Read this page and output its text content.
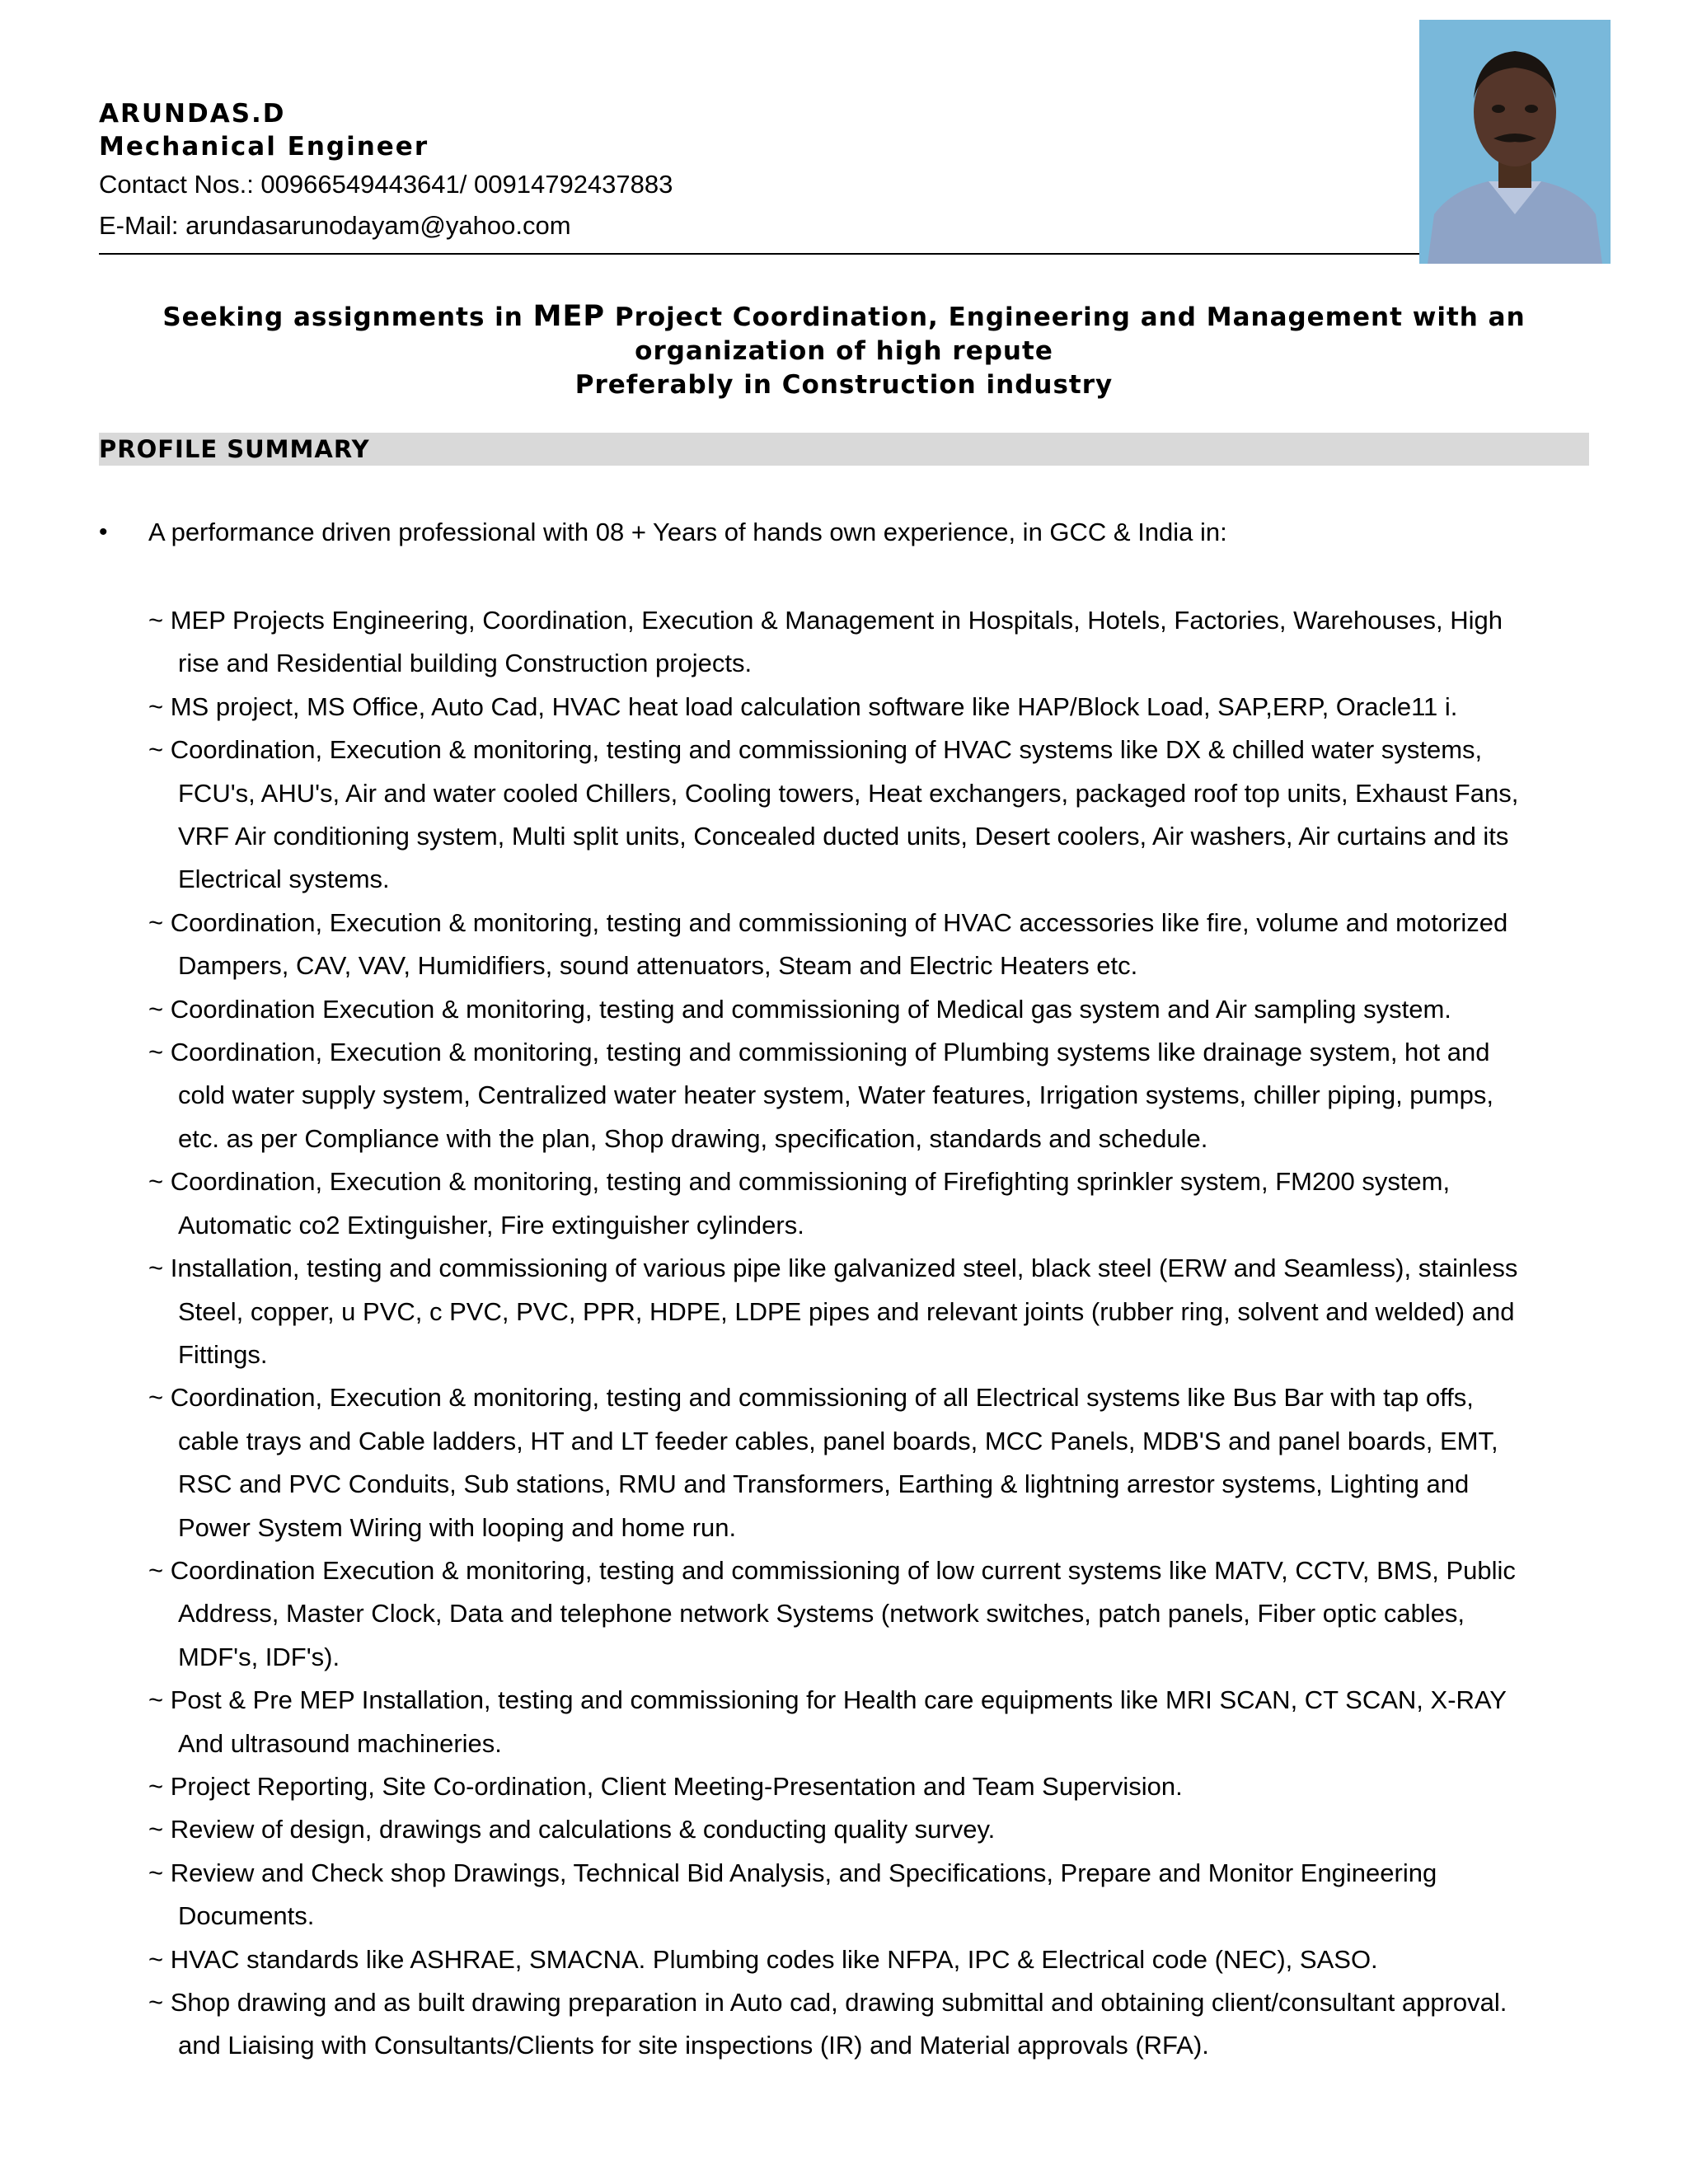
ARUNDAS.D
Mechanical Engineer
Contact Nos.: 00966549443641/ 00914792437883
E-Mail: arundasarunodayam@yahoo.com
Seeking assignments in MEP Project Coordination, Engineering and Management with an
organization of high repute
Preferably in Construction industry
PROFILE SUMMARY
• A performance driven professional with 08 + Years of hands own experience, in GCC & India in:
~ MEP Projects Engineering, Coordination, Execution & Management in Hospitals, Hotels, Factories, Warehouses, High
rise and Residential building Construction projects.
~ MS project, MS Office, Auto Cad, HVAC heat load calculation software like HAP/Block Load, SAP,ERP, Oracle11 i.
~ Coordination, Execution & monitoring, testing and commissioning of HVAC systems like DX & chilled water systems,
FCU's, AHU's, Air and water cooled Chillers, Cooling towers, Heat exchangers, packaged roof top units, Exhaust Fans,
VRF Air conditioning system, Multi split units, Concealed ducted units, Desert coolers, Air washers, Air curtains and its
Electrical systems.
~ Coordination, Execution & monitoring, testing and commissioning of HVAC accessories like fire, volume and motorized
Dampers, CAV, VAV, Humidifiers, sound attenuators, Steam and Electric Heaters etc.
~ Coordination Execution & monitoring, testing and commissioning of Medical gas system and Air sampling system.
~ Coordination, Execution & monitoring, testing and commissioning of Plumbing systems like drainage system, hot and
cold water supply system, Centralized water heater system, Water features, Irrigation systems, chiller piping, pumps,
etc. as per Compliance with the plan, Shop drawing, specification, standards and schedule.
~ Coordination, Execution & monitoring, testing and commissioning of Firefighting sprinkler system, FM200 system,
Automatic co2 Extinguisher, Fire extinguisher cylinders.
~ Installation, testing and commissioning of various pipe like galvanized steel, black steel (ERW and Seamless), stainless
Steel, copper, u PVC, c PVC, PVC, PPR, HDPE, LDPE pipes and relevant joints (rubber ring, solvent and welded) and
Fittings.
~ Coordination, Execution & monitoring, testing and commissioning of all Electrical systems like Bus Bar with tap offs,
cable trays and Cable ladders, HT and LT feeder cables, panel boards, MCC Panels, MDB'S and panel boards, EMT,
RSC and PVC Conduits, Sub stations, RMU and Transformers, Earthing & lightning arrestor systems, Lighting and
Power System Wiring with looping and home run.
~ Coordination Execution & monitoring, testing and commissioning of low current systems like MATV, CCTV, BMS, Public
Address, Master Clock, Data and telephone network Systems (network switches, patch panels, Fiber optic cables,
MDF's, IDF's).
~ Post & Pre MEP Installation, testing and commissioning for Health care equipments like MRI SCAN, CT SCAN, X-RAY
And ultrasound machineries.
~ Project Reporting, Site Co-ordination, Client Meeting-Presentation and Team Supervision.
~ Review of design, drawings and calculations & conducting quality survey.
~ Review and Check shop Drawings, Technical Bid Analysis, and Specifications, Prepare and Monitor Engineering
Documents.
~ HVAC standards like ASHRAE, SMACNA. Plumbing codes like NFPA, IPC & Electrical code (NEC), SASO.
~ Shop drawing and as built drawing preparation in Auto cad, drawing submittal and obtaining client/consultant approval.
and Liaising with Consultants/Clients for site inspections (IR) and Material approvals (RFA).
